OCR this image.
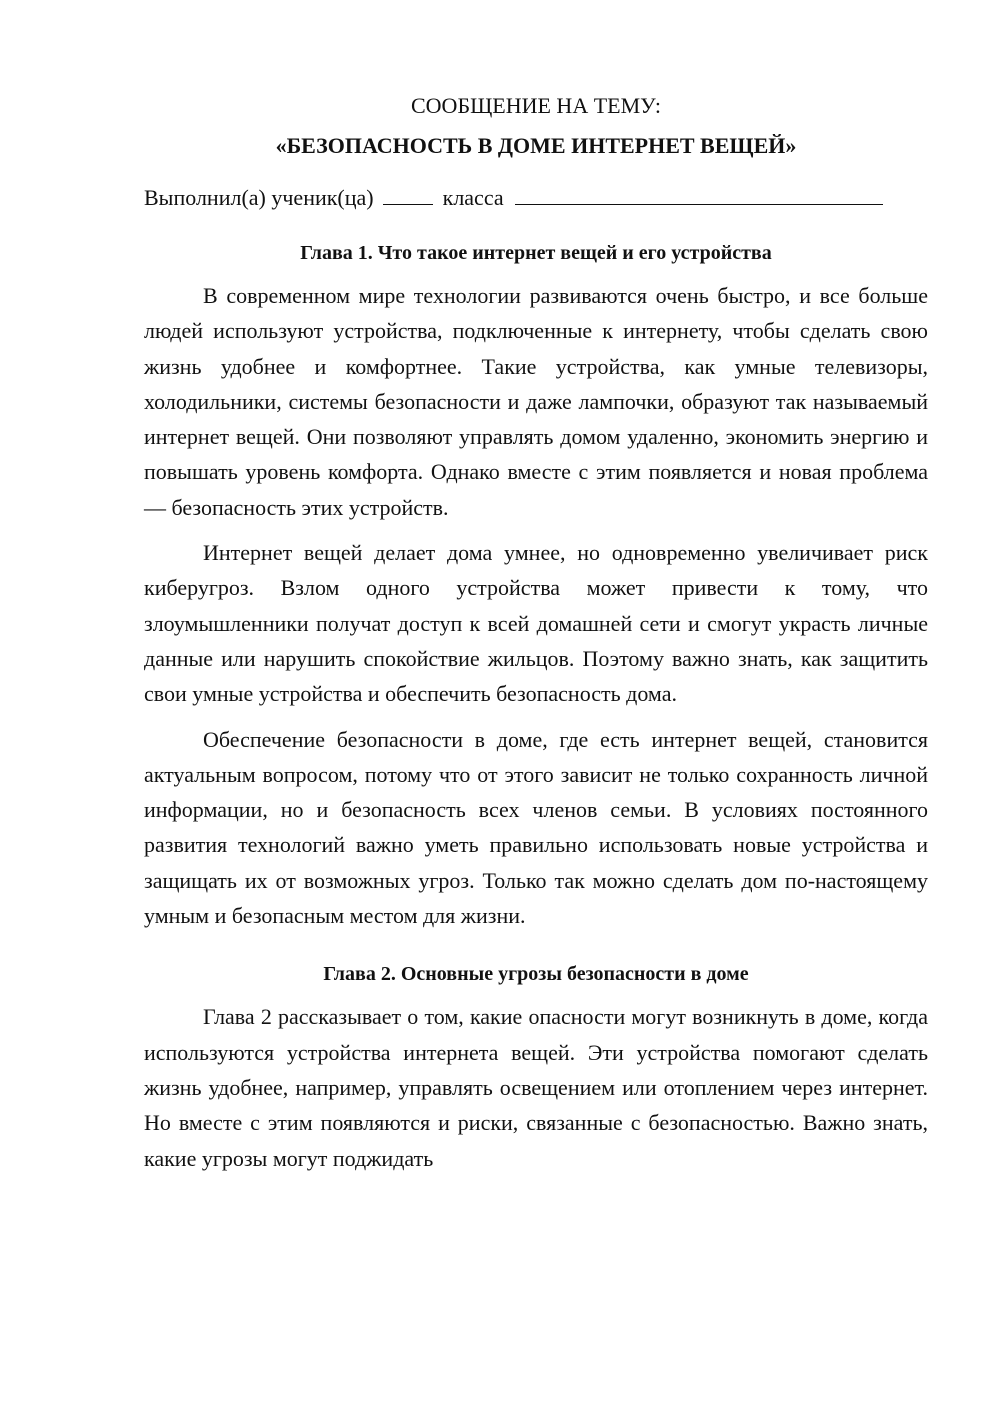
СООБЩЕНИЕ НА ТЕМУ:

«БЕЗОПАСНОСТЬ В ДОМЕ ИНТЕРНЕТ ВЕЩЕЙ»

Выполнил(а) ученик(ца)	класса
Глава 1. Что такое интернет вещей и его устройства

В современном мире технологии развиваются очень быстро, и все больше людей используют устройства, подключенные к интернету, чтобы сделать свою жизнь удобнее и комфортнее. Такие устройства, как умные телевизоры, холодильники, системы безопасности и даже лампочки, образуют так называемый интернет вещей. Они позволяют управлять домом удаленно, экономить энергию и повышать уровень комфорта. Однако вместе с этим появляется и новая проблема — безопасность этих устройств.

Интернет вещей делает дома умнее, но одновременно увеличивает риск киберугроз. Взлом одного устройства может привести к тому, что злоумышленники получат доступ к всей домашней сети и смогут украсть личные данные или нарушить спокойствие жильцов. Поэтому важно знать, как защитить свои умные устройства и обеспечить безопасность дома.

Обеспечение безопасности в доме, где есть интернет вещей, становится актуальным вопросом, потому что от этого зависит не только сохранность личной информации, но и безопасность всех членов семьи. В условиях постоянного развития технологий важно уметь правильно использовать новые устройства и защищать их от возможных угроз. Только так можно сделать дом по-настоящему умным и безопасным местом для жизни.

Глава 2. Основные угрозы безопасности в доме

Глава 2 рассказывает о том, какие опасности могут возникнуть в доме, когда используются устройства интернета вещей. Эти устройства помогают сделать жизнь удобнее, например, управлять освещением или отоплением через интернет. Но вместе с этим появляются и риски, связанные с безопасностью. Важно знать, какие угрозы могут поджидать
